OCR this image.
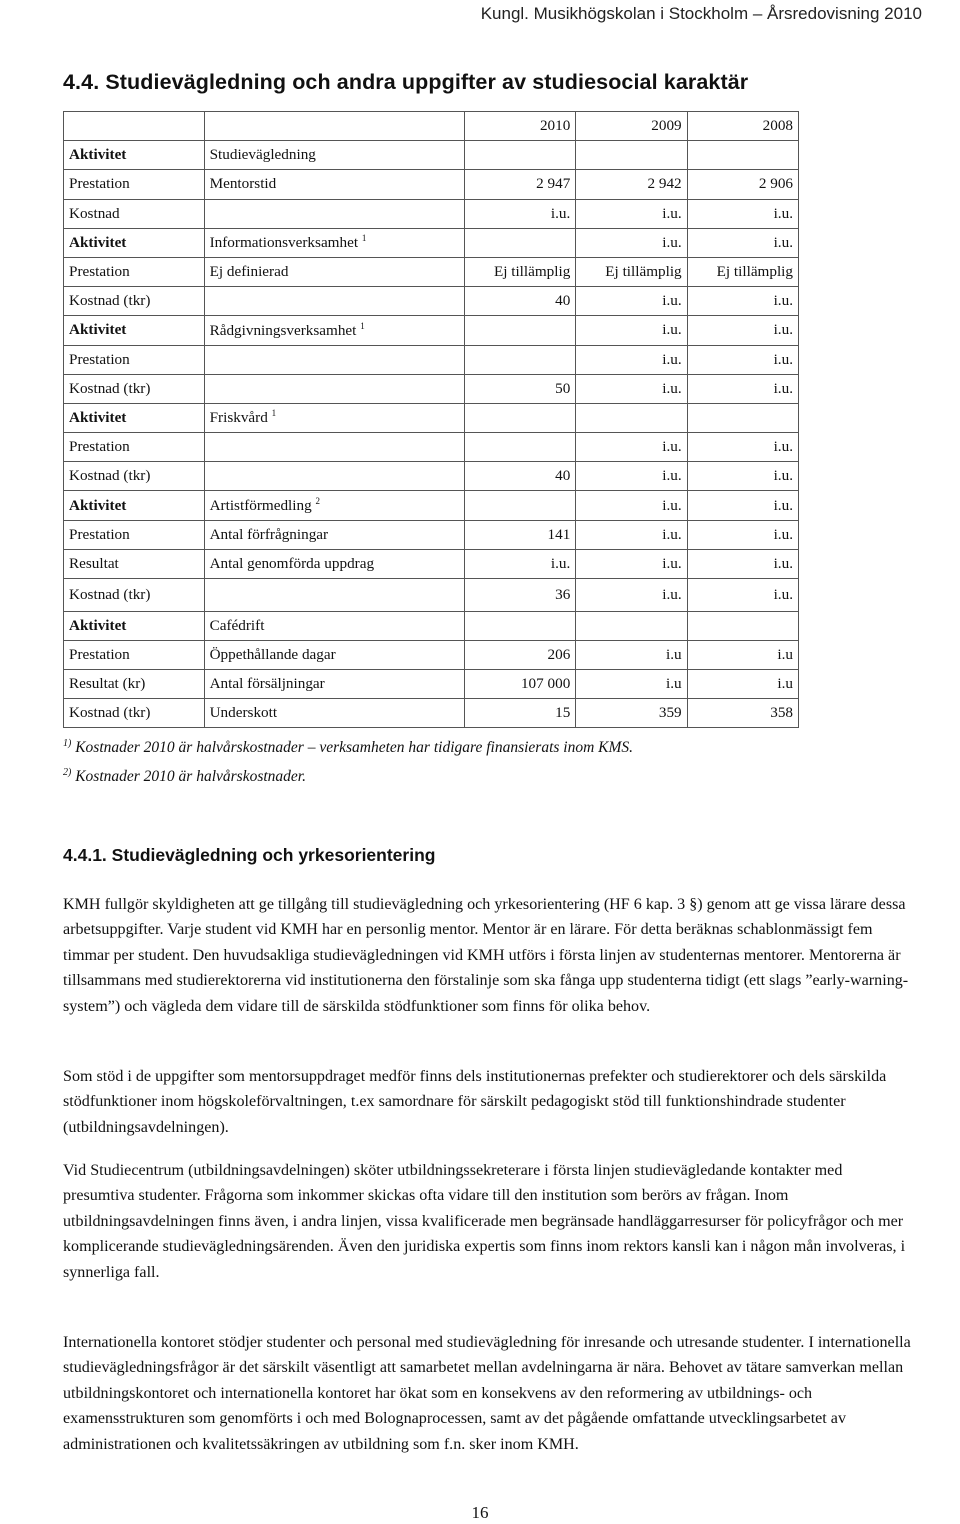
Kungl. Musikhögskolan i Stockholm – Årsredovisning 2010
4.4. Studievägledning och andra uppgifter av studiesocial karaktär
		2010	2009	2008
Aktivitet	Studievägledning			
Prestation	Mentorstid	2 947	2 942	2 906
Kostnad		i.u.	i.u.	i.u.
Aktivitet	Informationsverksamhet $^1$		i.u.	i.u.
Prestation	Ej definierad	Ej tillämplig	Ej tillämplig	Ej tillämplig
Kostnad (tkr)		40	i.u.	i.u.
Aktivitet	Rådgivningsverksamhet $^1$		i.u.	i.u.
Prestation			i.u.	i.u.
Kostnad (tkr)		50	i.u.	i.u.
Aktivitet	Friskvård $^1$			
Prestation			i.u.	i.u.
Kostnad (tkr)		40	i.u.	i.u.
Aktivitet	Artistförmedling $^2$		i.u.	i.u.
Prestation	Antal förfrågningar	141	i.u.	i.u.
Resultat	Antal genomförda uppdrag	i.u.	i.u.	i.u.
Kostnad (tkr)		36	i.u.	i.u.
Aktivitet	Cafédrift			
Prestation	Öppethållande dagar	206	i.u	i.u
Resultat (kr)	Antal försäljningar	107 000	i.u	i.u
Kostnad (tkr)	Underskott	15	359	358
$^{1)}$ Kostnader 2010 är halvårskostnader – verksamheten har tidigare finansierats inom KMS.
$^{2)}$ Kostnader 2010 är halvårskostnader.
4.4.1. Studievägledning och yrkesorientering

KMH fullgör skyldigheten att ge tillgång till studievägledning och yrkesorientering (HF 6 kap. 3 §) genom att ge vissa lärare dessa arbetsuppgifter. Varje student vid KMH har en personlig mentor. Mentor är en lärare. För detta beräknas schablonmässigt fem timmar per student. Den huvudsakliga studievägledningen vid KMH utförs i första linjen av studenternas mentorer. Mentorerna är tillsammans med studierektorerna vid institutionerna den förstalinje som ska fånga upp studenterna tidigt (ett slags ”early-warning-system”) och vägleda dem vidare till de särskilda stödfunktioner som finns för olika behov.

Som stöd i de uppgifter som mentorsuppdraget medför finns dels institutionernas prefekter och studierektorer och dels särskilda stödfunktioner inom högskoleförvaltningen, t.ex samordnare för särskilt pedagogiskt stöd till funktionshindrade studenter (utbildningsavdelningen).

Vid Studiecentrum (utbildningsavdelningen) sköter utbildningssekreterare i första linjen studievägledande kontakter med presumtiva studenter. Frågorna som inkommer skickas ofta vidare till den institution som berörs av frågan. Inom utbildningsavdelningen finns även, i andra linjen, vissa kvalificerade men begränsade handläggarresurser för policyfrågor och mer komplicerande studievägledningsärenden. Även den juridiska expertis som finns inom rektors kansli kan i någon mån involveras, i synnerliga fall.

Internationella kontoret stödjer studenter och personal med studievägledning för inresande och utresande studenter. I internationella studievägledningsfrågor är det särskilt väsentligt att samarbetet mellan avdelningarna är nära. Behovet av tätare samverkan mellan utbildningskontoret och internationella kontoret har ökat som en konsekvens av den reformering av utbildnings- och examensstrukturen som genomförts i och med Bolognaprocessen, samt av det pågående omfattande utvecklingsarbetet av administrationen och kvalitetssäkringen av utbildning som f.n. sker inom KMH.

16
